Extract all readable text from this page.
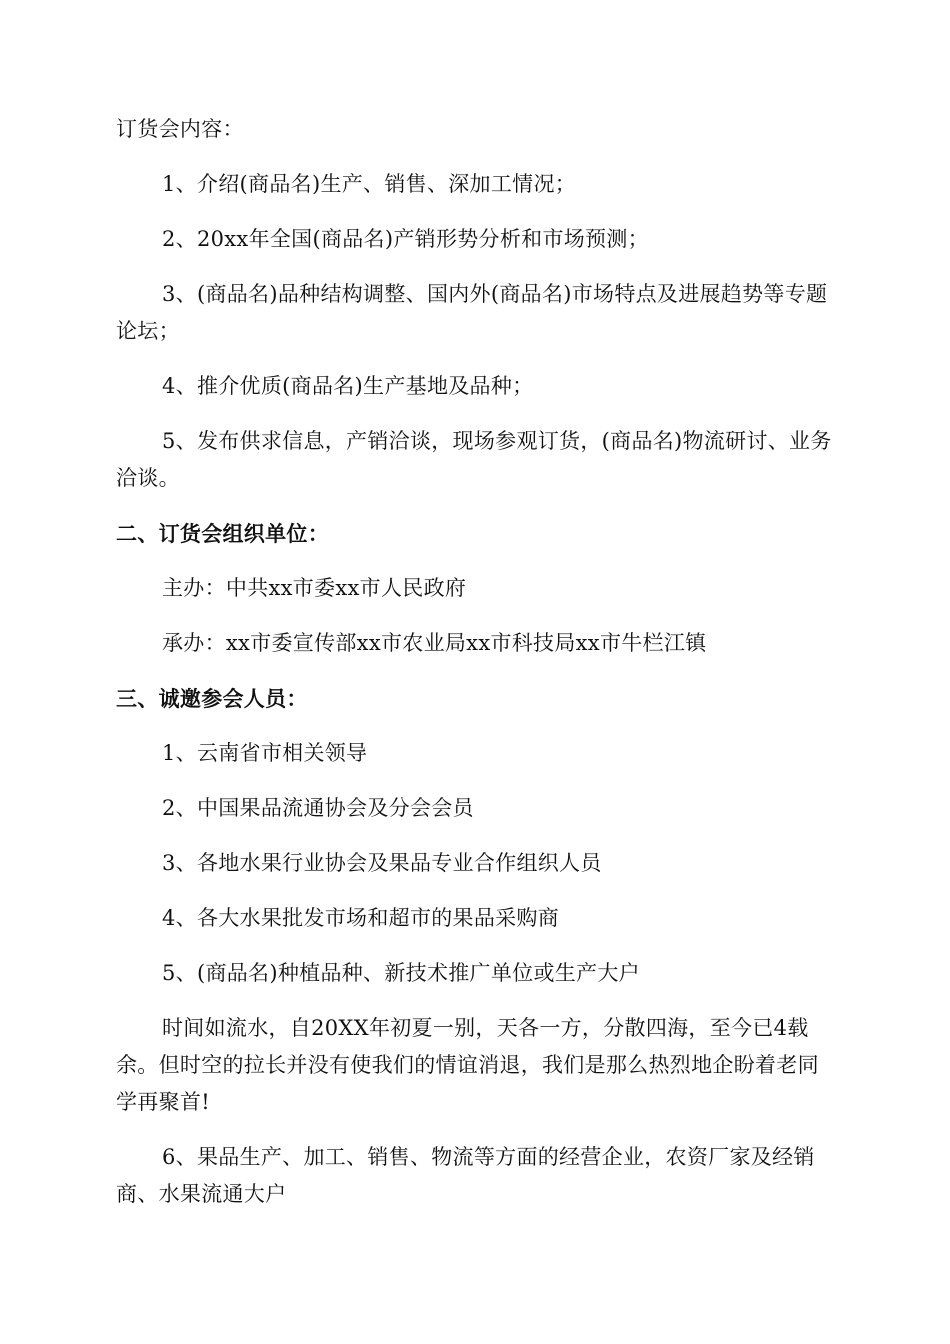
订货会内容：

1、介绍(商品名)生产、销售、深加工情况；

2、20xx年全国(商品名)产销形势分析和市场预测；

3、(商品名)品种结构调整、国内外(商品名)市场特点及进展趋势等专题论坛；

4、推介优质(商品名)生产基地及品种；

5、发布供求信息，产销洽谈，现场参观订货，(商品名)物流研讨、业务洽谈。

二、订货会组织单位：

主办：中共xx市委xx市人民政府

承办：xx市委宣传部xx市农业局xx市科技局xx市牛栏江镇

三、诚邀参会人员：

1、云南省市相关领导

2、中国果品流通协会及分会会员

3、各地水果行业协会及果品专业合作组织人员

4、各大水果批发市场和超市的果品采购商

5、(商品名)种植品种、新技术推广单位或生产大户

时间如流水，自20XX年初夏一别，天各一方，分散四海，至今已4载余。但时空的拉长并没有使我们的情谊消退，我们是那么热烈地企盼着老同学再聚首!

6、果品生产、加工、销售、物流等方面的经营企业，农资厂家及经销商、水果流通大户
